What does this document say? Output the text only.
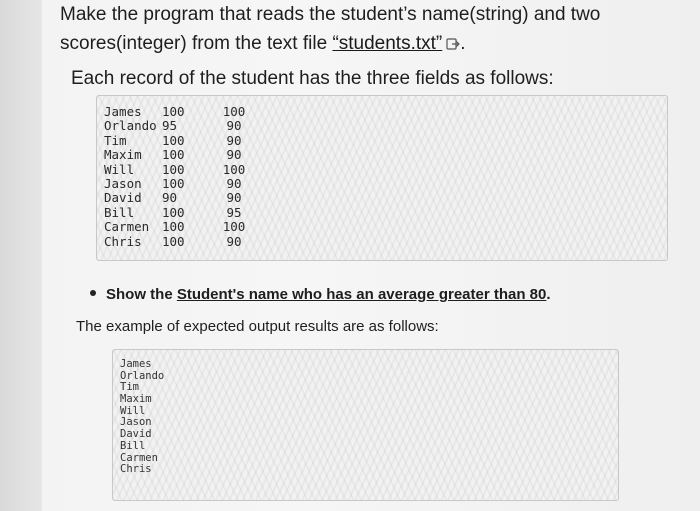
Make the program that reads the student’s name(string) and two
scores(integer) from the text file “students.txt” .
Each record of the student has the three fields as follows:
James	100	100
Orlando	95	90
Tim	100	90
Maxim	100	90
Will	100	100
Jason	100	90
David	90	90
Bill	100	95
Carmen	100	100
Chris	100	90
Show the Student's name who has an average greater than 80.
The example of expected output results are as follows:
James
Orlando
Tim
Maxim
Will
Jason
David
Bill
Carmen
Chris
